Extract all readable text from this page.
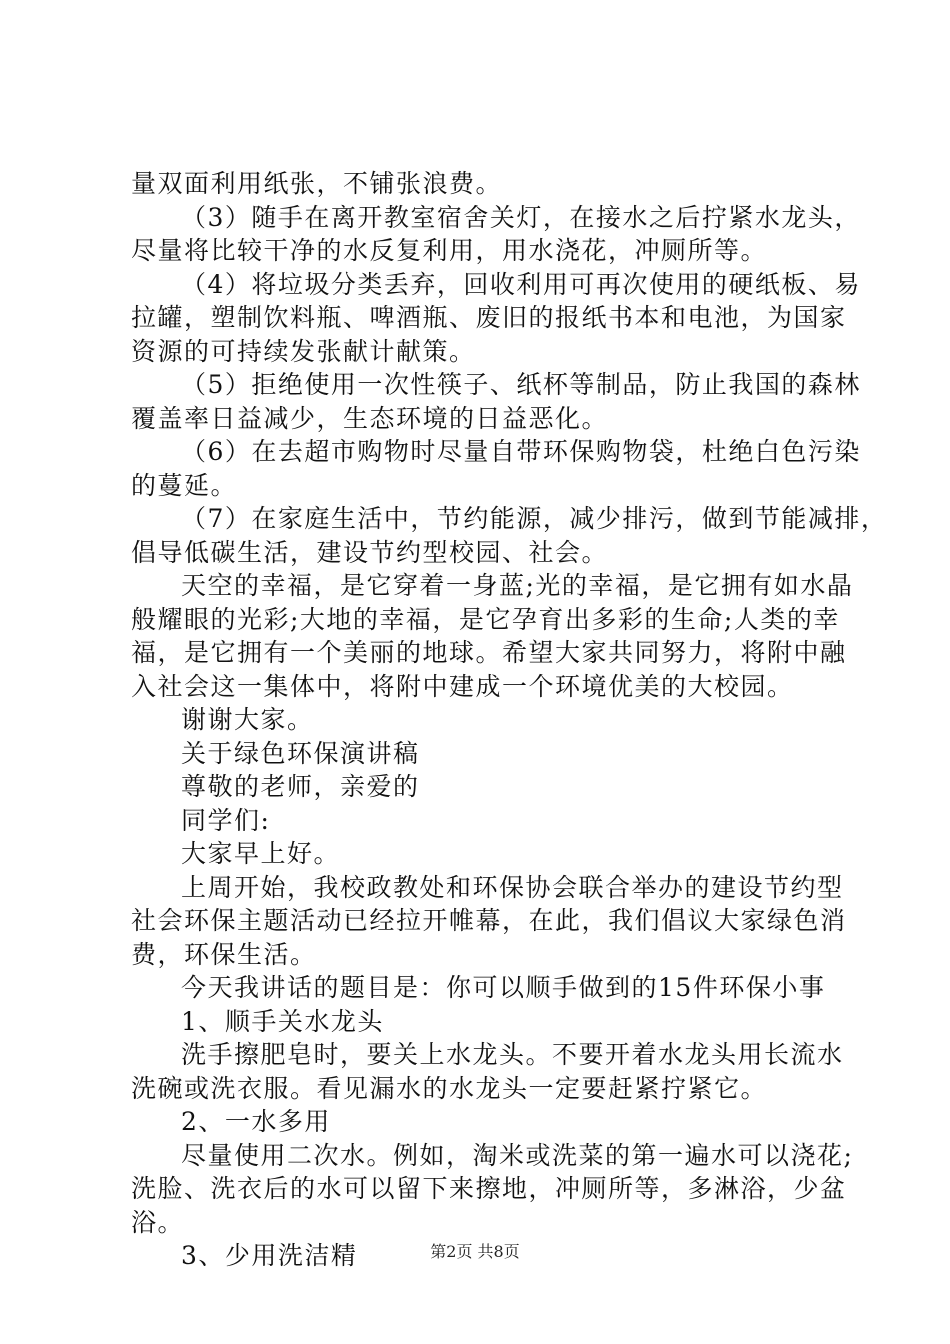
量双面利用纸张，不铺张浪费。
（3）随手在离开教室宿舍关灯，在接水之后拧紧水龙头，
尽量将比较干净的水反复利用，用水浇花，冲厕所等。
（4）将垃圾分类丢弃，回收利用可再次使用的硬纸板、易
拉罐，塑制饮料瓶、啤酒瓶、废旧的报纸书本和电池，为国家
资源的可持续发张献计献策。
（5）拒绝使用一次性筷子、纸杯等制品，防止我国的森林
覆盖率日益减少，生态环境的日益恶化。
（6）在去超市购物时尽量自带环保购物袋，杜绝白色污染
的蔓延。
（7）在家庭生活中，节约能源，减少排污，做到节能减排，
倡导低碳生活，建设节约型校园、社会。
天空的幸福，是它穿着一身蓝;光的幸福，是它拥有如水晶
般耀眼的光彩;大地的幸福，是它孕育出多彩的生命;人类的幸
福，是它拥有一个美丽的地球。希望大家共同努力，将附中融
入社会这一集体中，将附中建成一个环境优美的大校园。
谢谢大家。
关于绿色环保演讲稿
尊敬的老师，亲爱的
同学们:
大家早上好。
上周开始，我校政教处和环保协会联合举办的建设节约型
社会环保主题活动已经拉开帷幕，在此，我们倡议大家绿色消
费，环保生活。
今天我讲话的题目是：你可以顺手做到的15件环保小事
1、顺手关水龙头
洗手擦肥皂时，要关上水龙头。不要开着水龙头用长流水
洗碗或洗衣服。看见漏水的水龙头一定要赶紧拧紧它。
2、一水多用
尽量使用二次水。例如，淘米或洗菜的第一遍水可以浇花;
洗脸、洗衣后的水可以留下来擦地，冲厕所等，多淋浴，少盆
浴。
3、少用洗洁精	第2页 共8页
